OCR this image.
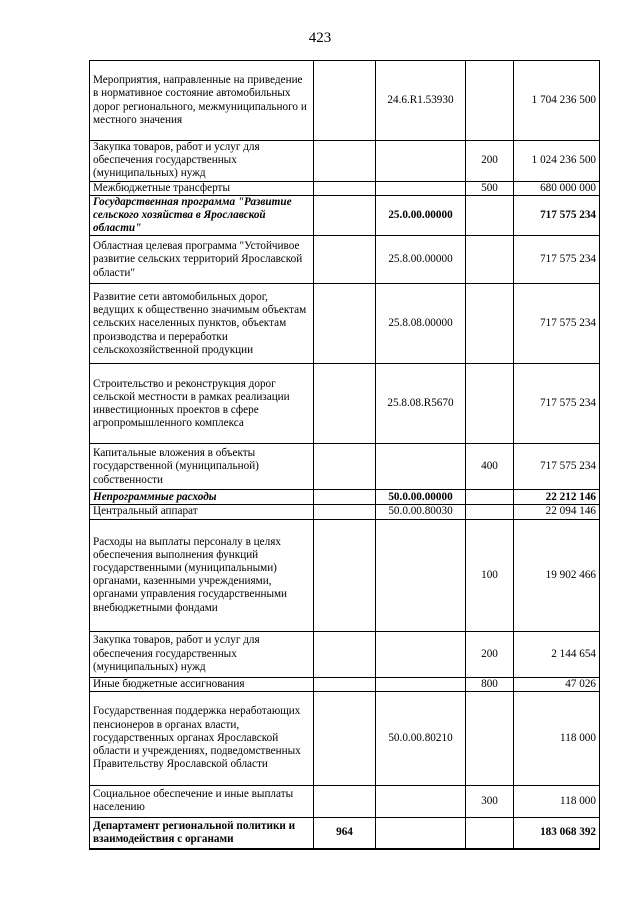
423
Мероприятия, направленные на приведение в нормативное состояние автомобильных дорог регионального, межмуниципального и местного значения		24.6.R1.53930		1 704 236 500
Закупка товаров, работ и услуг для обеспечения государственных (муниципальных) нужд			200	1 024 236 500
Межбюджетные трансферты			500	680 000 000
Государственная программа "Развитие сельского хозяйства в Ярославской области"		25.0.00.00000		717 575 234
Областная целевая программа "Устойчивое развитие сельских территорий Ярославской области"		25.8.00.00000		717 575 234
Развитие сети автомобильных дорог, ведущих к общественно значимым объектам сельских населенных пунктов, объектам производства и переработки сельскохозяйственной продукции		25.8.08.00000		717 575 234
Строительство и реконструкция дорог сельской местности в рамках реализации инвестиционных проектов в сфере агропромышленного комплекса		25.8.08.R5670		717 575 234
Капитальные вложения в объекты государственной (муниципальной) собственности			400	717 575 234
Непрограммные расходы		50.0.00.00000		22 212 146
Центральный аппарат		50.0.00.80030		22 094 146
Расходы на выплаты персоналу в целях обеспечения выполнения функций государственными (муниципальными) органами, казенными учреждениями, органами управления государственными внебюджетными фондами			100	19 902 466
Закупка товаров, работ и услуг для обеспечения государственных (муниципальных) нужд			200	2 144 654
Иные бюджетные ассигнования			800	47 026
Государственная поддержка неработающих пенсионеров в органах власти, государственных органах Ярославской области и учреждениях, подведомственных Правительству Ярославской области		50.0.00.80210		118 000
Социальное обеспечение и иные выплаты населению			300	118 000
Департамент региональной политики и взаимодействия с органами	964			183 068 392
